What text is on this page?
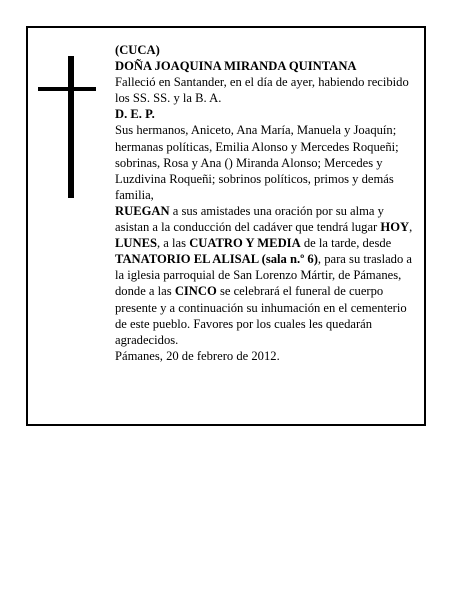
(CUCA)

DOÑA JOAQUINA MIRANDA QUINTANA

Falleció en Santander, en el día de ayer, habiendo recibido los SS. SS. y la B. A.

D. E. P.

Sus hermanos, Aniceto, Ana María, Manuela y Joaquín; hermanas políticas, Emilia Alonso y Mercedes Roqueñi; sobrinas, Rosa y Ana () Miranda Alonso; Mercedes y Luzdivina Roqueñi; sobrinos políticos, primos y demás familia,

RUEGAN a sus amistades una oración por su alma y asistan a la conducción del cadáver que tendrá lugar HOY, LUNES, a las CUATRO Y MEDIA de la tarde, desde TANATORIO EL ALISAL (sala n.º 6), para su traslado a la iglesia parroquial de San Lorenzo Mártir, de Pámanes, donde a las CINCO se celebrará el funeral de cuerpo presente y a continuación su inhumación en el cementerio de este pueblo. Favores por los cuales les quedarán agradecidos.

Pámanes, 20 de febrero de 2012.
